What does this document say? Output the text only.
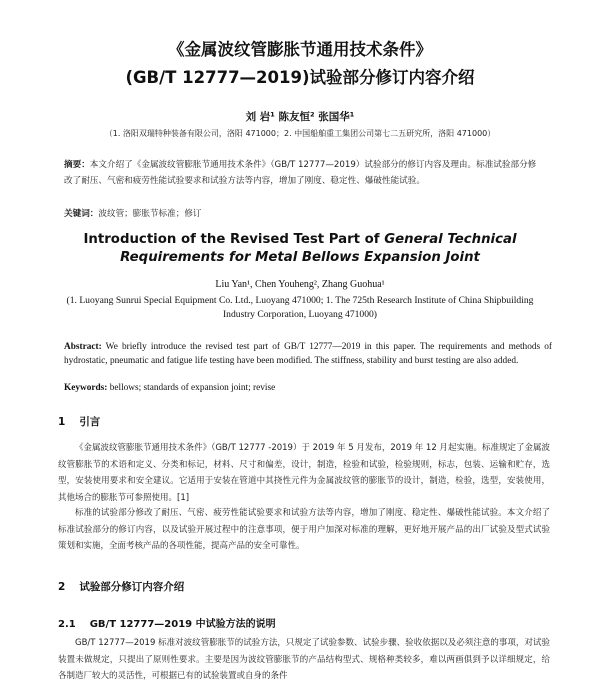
《金属波纹管膨胀节通用技术条件》
(GB/T 12777—2019)试验部分修订内容介绍
刘 岩¹ 陈友恒² 张国华¹
（1. 洛阳双瑞特种装备有限公司，洛阳 471000；2. 中国船舶重工集团公司第七二五研究所，洛阳 471000）
摘要：本文介绍了《金属波纹管膨胀节通用技术条件》（GB/T 12777—2019）试验部分的修订内容及理由。标准试验部分修改了耐压、气密和疲劳性能试验要求和试验方法等内容，增加了刚度、稳定性、爆破性能试验。
关键词：波纹管；膨胀节标准；修订
Introduction of the Revised Test Part of General Technical
Requirements for Metal Bellows Expansion Joint
Liu Yan¹, Chen Youheng², Zhang Guohua¹
(1. Luoyang Sunrui Special Equipment Co. Ltd., Luoyang 471000; 1. The 725th Research Institute of China Shipbuilding Industry Corporation, Luoyang 471000)
Abstract: We briefly introduce the revised test part of GB/T 12777—2019 in this paper. The requirements and methods of hydrostatic, pneumatic and fatigue life testing have been modified. The stiffness, stability and burst testing are also added.
Keywords: bellows; standards of expansion joint; revise
1 引言
《金属波纹管膨胀节通用技术条件》（GB/T 12777 -2019）于 2019 年 5 月发布，2019 年 12 月起实施。标准规定了金属波纹管膨胀节的术语和定义、分类和标记，材料、尺寸和偏差，设计，制造，检验和试验，检验规则，标志，包装、运输和贮存，选型，安装使用要求和安全建议。它适用于安装在管道中其挠性元件为金属波纹管的膨胀节的设计，制造，检验，选型，安装使用，其他场合的膨胀节可参照使用。[1]
标准的试验部分修改了耐压、气密、疲劳性能试验要求和试验方法等内容，增加了刚度、稳定性、爆破性能试验。本文介绍了标准试验部分的修订内容，以及试验开展过程中的注意事项，便于用户加深对标准的理解，更好地开展产品的出厂试验及型式试验策划和实施，全面考核产品的各项性能，提高产品的安全可靠性。
2 试验部分修订内容介绍
2.1 GB/T 12777—2019 中试验方法的说明
GB/T 12777—2019 标准对波纹管膨胀节的试验方法，只规定了试验参数、试验步骤、验收依据以及必须注意的事项，对试验装置未做规定，只提出了原则性要求。主要是因为波纹管膨胀节的产品结构型式、规格种类较多，难以两画俱到予以详细规定，给各制造厂较大的灵活性，可根据已有的试验装置或自身的条件
